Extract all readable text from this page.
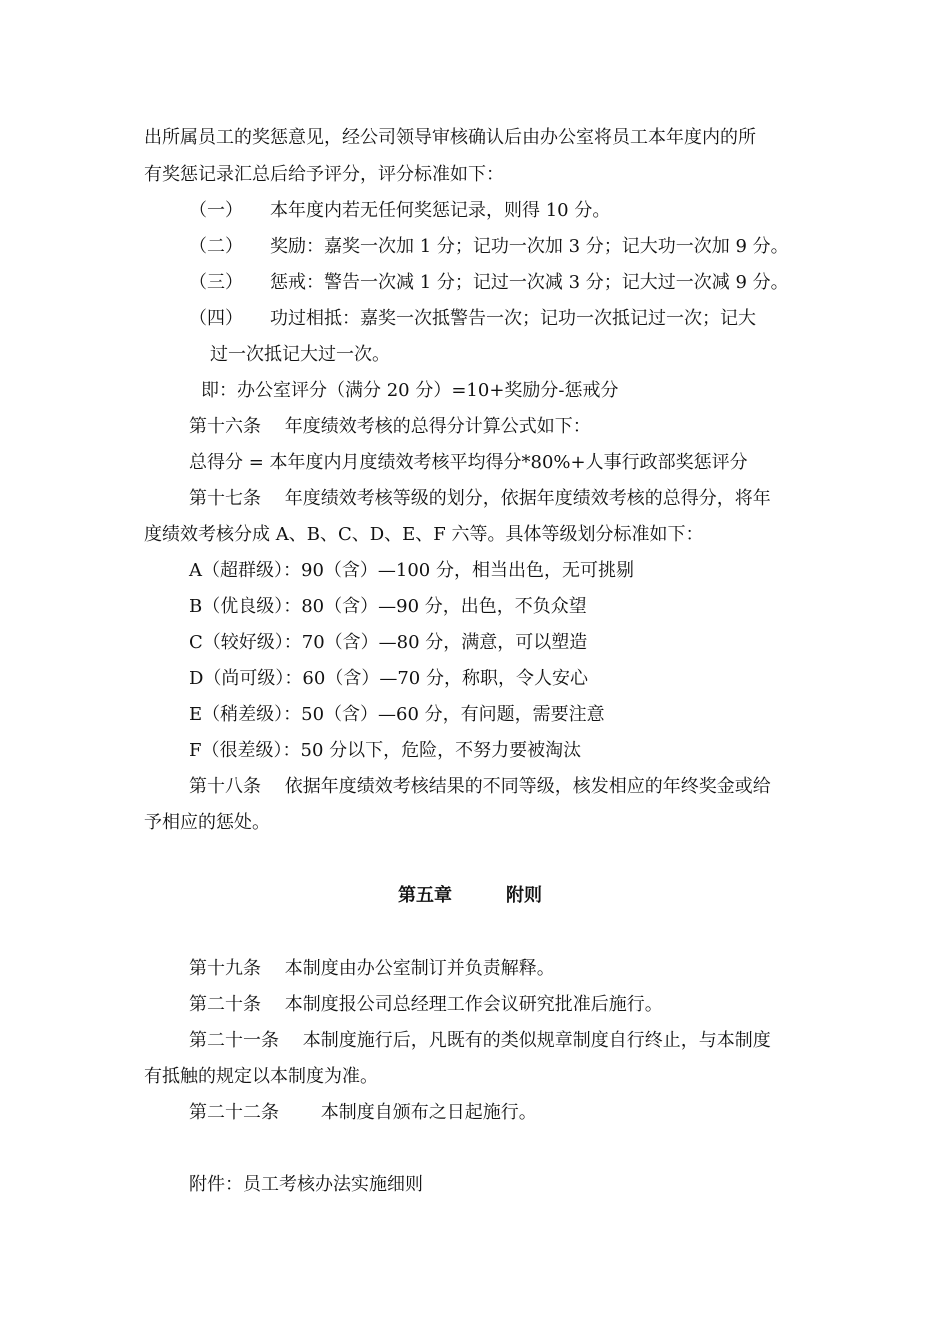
出所属员工的奖惩意见，经公司领导审核确认后由办公室将员工本年度内的所

有奖惩记录汇总后给予评分，评分标准如下：

（一）　　本年度内若无任何奖惩记录，则得 10 分。

（二）　　奖励：嘉奖一次加 1 分；记功一次加 3 分；记大功一次加 9 分。

（三）　　惩戒：警告一次减 1 分；记过一次减 3 分；记大过一次减 9 分。

（四）　　功过相抵：嘉奖一次抵警告一次；记功一次抵记过一次；记大

过一次抵记大过一次。

即：办公室评分（满分 20 分）=10+奖励分-惩戒分

第十六条　 年度绩效考核的总得分计算公式如下：

总得分 = 本年度内月度绩效考核平均得分*80%+人事行政部奖惩评分

第十七条　 年度绩效考核等级的划分，依据年度绩效考核的总得分，将年

度绩效考核分成 A、B、C、D、E、F 六等。具体等级划分标准如下：

A（超群级）：90（含）—100 分，相当出色，无可挑剔

B（优良级）：80（含）—90 分，出色，不负众望

C（较好级）：70（含）—80 分，满意，可以塑造

D（尚可级）：60（含）—70 分，称职，令人安心

E（稍差级）：50（含）—60 分，有问题，需要注意

F（很差级）：50 分以下，危险，不努力要被淘汰

第十八条　 依据年度绩效考核结果的不同等级，核发相应的年终奖金或给

予相应的惩处。

第五章　　　附则

第十九条　 本制度由办公室制订并负责解释。

第二十条　 本制度报公司总经理工作会议研究批准后施行。

第二十一条　 本制度施行后，凡既有的类似规章制度自行终止，与本制度

有抵触的规定以本制度为准。

第二十二条　　 本制度自颁布之日起施行。

附件：员工考核办法实施细则
